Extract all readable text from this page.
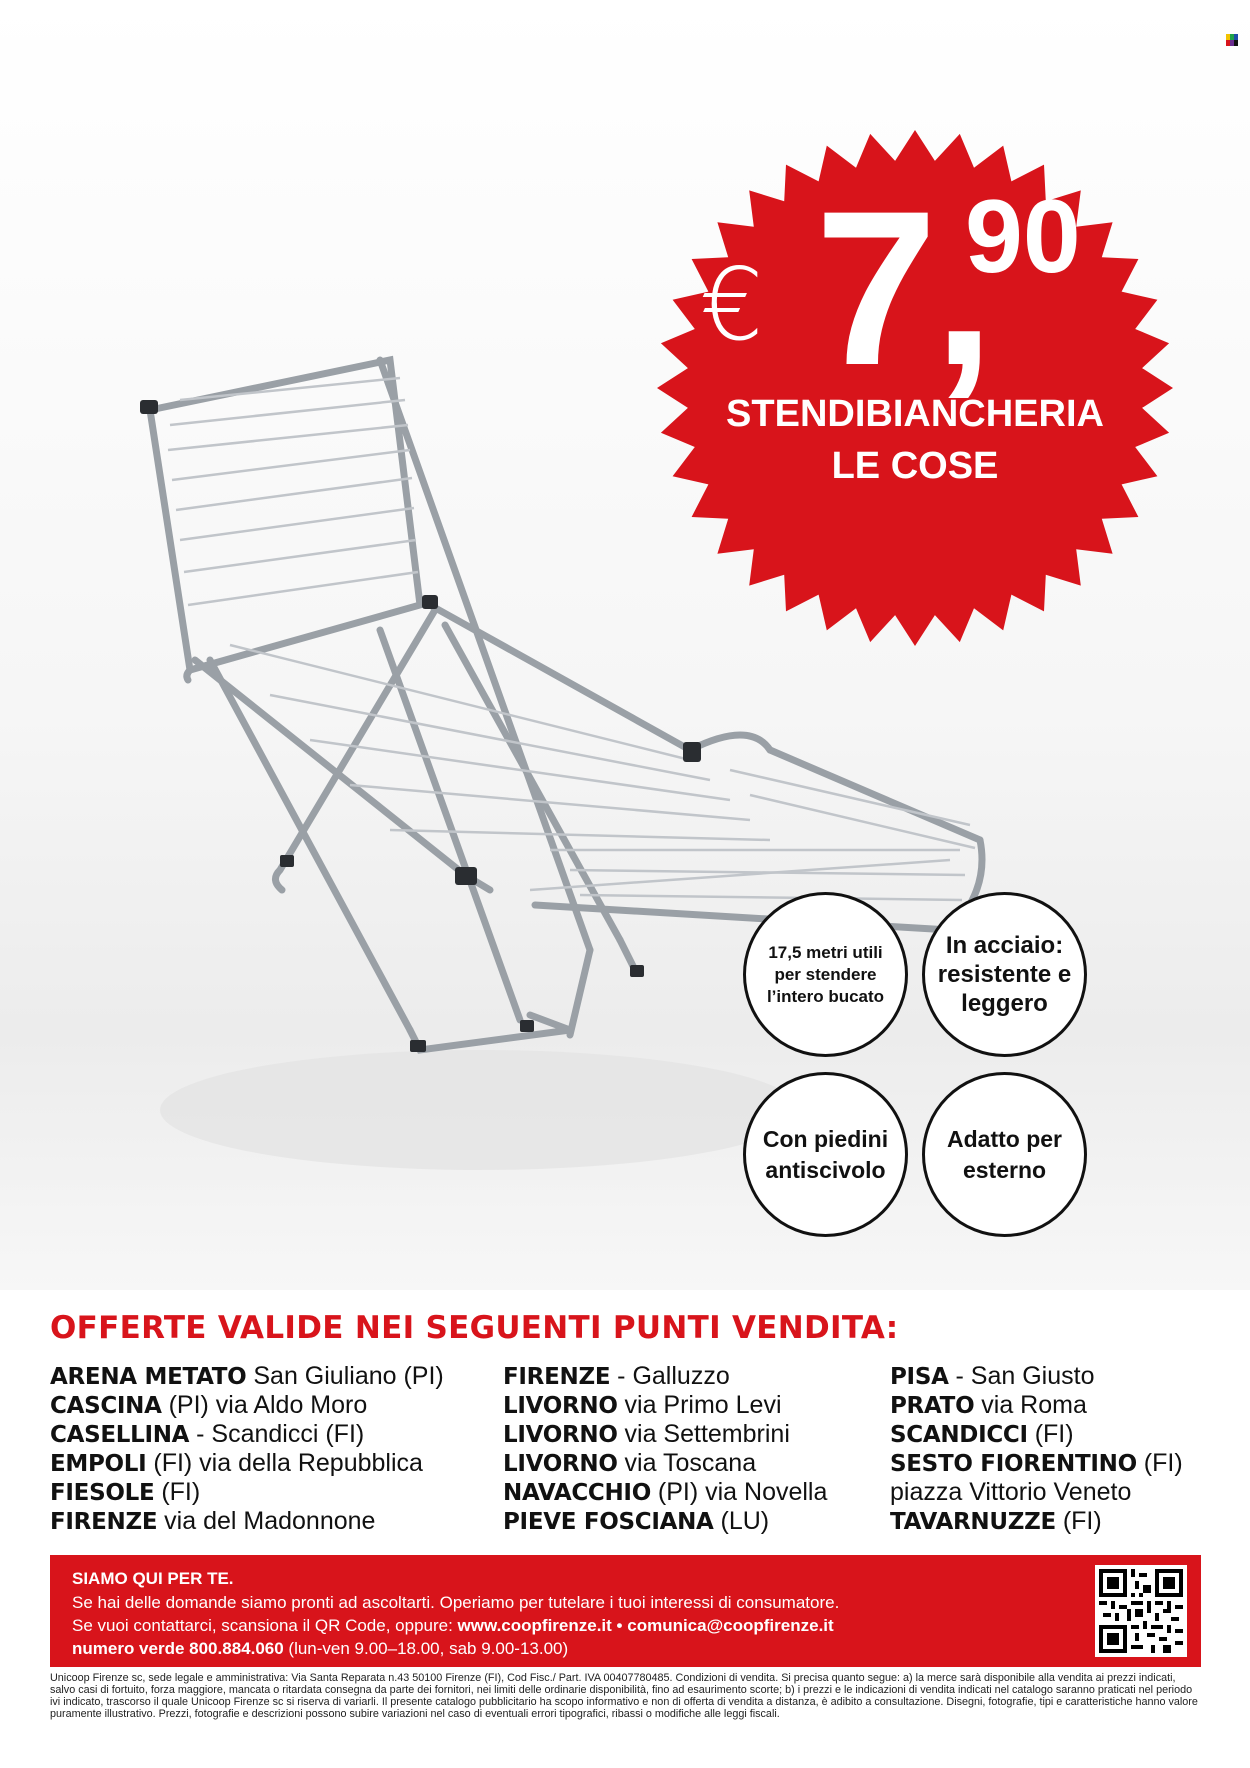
€ 7,
90
STENDIBIANCHERIA
LE COSE
17,5 metri utili per stendere l’intero bucato
In acciaio: resistente e leggero
Con piedini antiscivolo
Adatto per esterno
OFFERTE VALIDE NEI SEGUENTI PUNTI VENDITA:
ARENA METATO San Giuliano (PI)
CASCINA (PI) via Aldo Moro
CASELLINA - Scandicci (FI)
EMPOLI (FI) via della Repubblica
FIESOLE (FI)
FIRENZE via del Madonnone
FIRENZE - Galluzzo
LIVORNO via Primo Levi
LIVORNO via Settembrini
LIVORNO via Toscana
NAVACCHIO (PI) via Novella
PIEVE FOSCIANA (LU)
PISA - San Giusto
PRATO via Roma
SCANDICCI (FI)
SESTO FIORENTINO (FI)
piazza Vittorio Veneto
TAVARNUZZE (FI)
SIAMO QUI PER TE.
Se hai delle domande siamo pronti ad ascoltarti. Operiamo per tutelare i tuoi interessi di consumatore.
Se vuoi contattarci, scansiona il QR Code, oppure: www.coopfirenze.it • comunica@coopfirenze.it
numero verde 800.884.060 (lun-ven 9.00–18.00, sab 9.00-13.00)
Unicoop Firenze sc, sede legale e amministrativa: Via Santa Reparata n.43 50100 Firenze (FI), Cod Fisc./ Part. IVA 00407780485. Condizioni di vendita. Si precisa quanto segue: a) la merce sarà disponibile alla vendita ai prezzi indicati, salvo casi di fortuito, forza maggiore, mancata o ritardata consegna da parte dei fornitori, nei limiti delle ordinarie disponibilità, fino ad esaurimento scorte; b) i prezzi e le indicazioni di vendita indicati nel catalogo saranno praticati nel periodo ivi indicato, trascorso il quale Unicoop Firenze sc si riserva di variarli. Il presente catalogo pubblicitario ha scopo informativo e non di offerta di vendita a distanza, è adibito a consultazione. Disegni, fotografie, tipi e caratteristiche hanno valore puramente illustrativo. Prezzi, fotografie e descrizioni possono subire variazioni nel caso di eventuali errori tipografici, ribassi o modifiche alle leggi fiscali.
